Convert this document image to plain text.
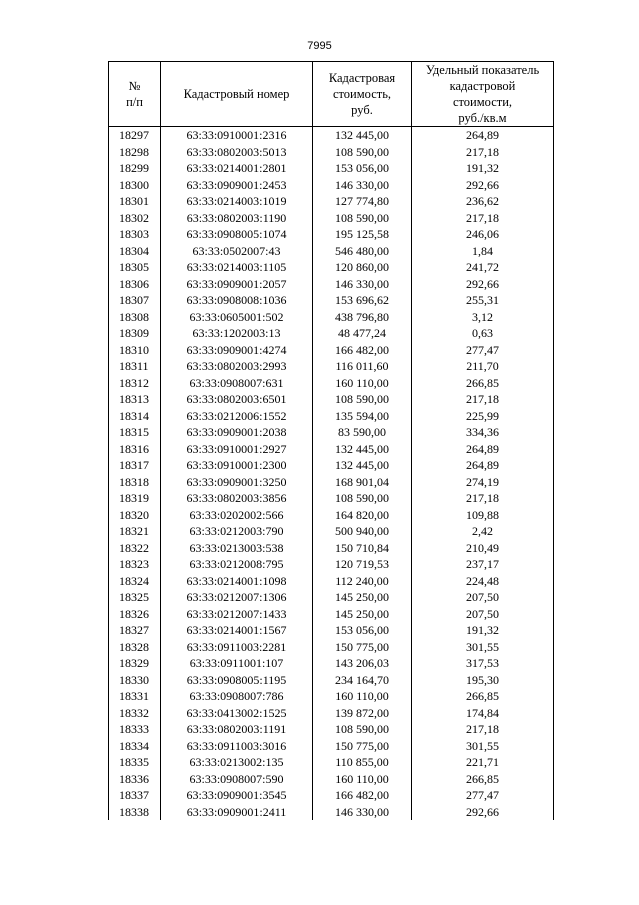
7995
№
п/п	Кадастровый номер	Кадастровая
стоимость,
руб.	Удельный показатель
кадастровой
стоимости,
руб./кв.м

18297	63:33:0910001:2316	132 445,00	264,89
18298	63:33:0802003:5013	108 590,00	217,18
18299	63:33:0214001:2801	153 056,00	191,32
18300	63:33:0909001:2453	146 330,00	292,66
18301	63:33:0214003:1019	127 774,80	236,62
18302	63:33:0802003:1190	108 590,00	217,18
18303	63:33:0908005:1074	195 125,58	246,06
18304	63:33:0502007:43	546 480,00	1,84
18305	63:33:0214003:1105	120 860,00	241,72
18306	63:33:0909001:2057	146 330,00	292,66
18307	63:33:0908008:1036	153 696,62	255,31
18308	63:33:0605001:502	438 796,80	3,12
18309	63:33:1202003:13	48 477,24	0,63
18310	63:33:0909001:4274	166 482,00	277,47
18311	63:33:0802003:2993	116 011,60	211,70
18312	63:33:0908007:631	160 110,00	266,85
18313	63:33:0802003:6501	108 590,00	217,18
18314	63:33:0212006:1552	135 594,00	225,99
18315	63:33:0909001:2038	83 590,00	334,36
18316	63:33:0910001:2927	132 445,00	264,89
18317	63:33:0910001:2300	132 445,00	264,89
18318	63:33:0909001:3250	168 901,04	274,19
18319	63:33:0802003:3856	108 590,00	217,18
18320	63:33:0202002:566	164 820,00	109,88
18321	63:33:0212003:790	500 940,00	2,42
18322	63:33:0213003:538	150 710,84	210,49
18323	63:33:0212008:795	120 719,53	237,17
18324	63:33:0214001:1098	112 240,00	224,48
18325	63:33:0212007:1306	145 250,00	207,50
18326	63:33:0212007:1433	145 250,00	207,50
18327	63:33:0214001:1567	153 056,00	191,32
18328	63:33:0911003:2281	150 775,00	301,55
18329	63:33:0911001:107	143 206,03	317,53
18330	63:33:0908005:1195	234 164,70	195,30
18331	63:33:0908007:786	160 110,00	266,85
18332	63:33:0413002:1525	139 872,00	174,84
18333	63:33:0802003:1191	108 590,00	217,18
18334	63:33:0911003:3016	150 775,00	301,55
18335	63:33:0213002:135	110 855,00	221,71
18336	63:33:0908007:590	160 110,00	266,85
18337	63:33:0909001:3545	166 482,00	277,47
18338	63:33:0909001:2411	146 330,00	292,66
